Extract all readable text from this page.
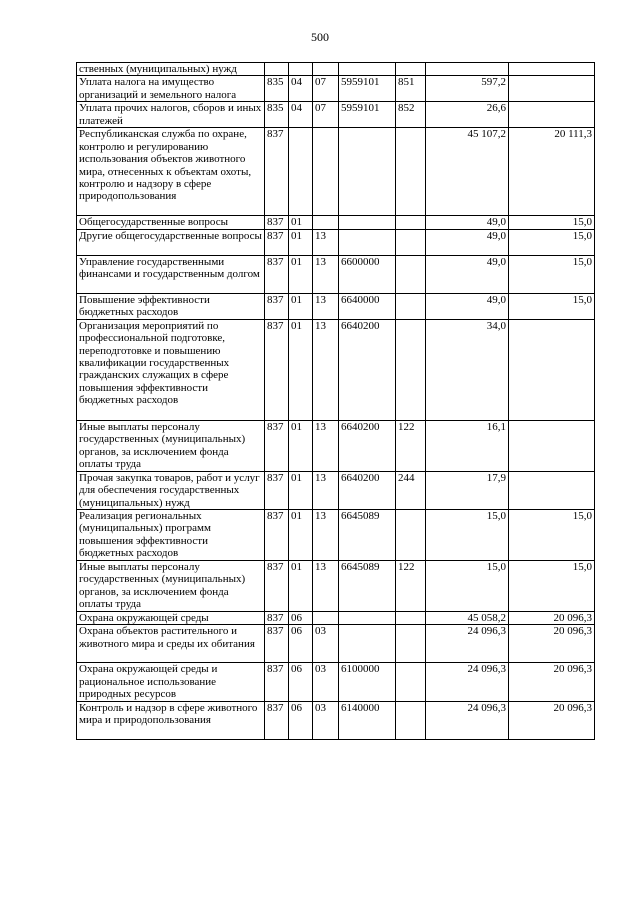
500
ственных (муниципальных) нужд							
Уплата налога на имущество организаций и земельного налога	835	04	07	5959101	851	597,2	
Уплата прочих налогов, сборов и иных платежей	835	04	07	5959101	852	26,6	
Республиканская служба по охране, контролю и регулированию использования объектов животного мира, отнесенных к объектам охоты, контролю и надзору в сфере природопользования	837					45 107,2	20 111,3
Общегосударственные вопросы	837	01				49,0	15,0
Другие общегосударственные вопросы	837	01	13			49,0	15,0
Управление государственными финансами и государственным долгом	837	01	13	6600000		49,0	15,0
Повышение эффективности бюджетных расходов	837	01	13	6640000		49,0	15,0
Организация мероприятий по профессиональной подготовке, переподготовке и повышению квалификации государственных гражданских служащих в сфере повышения эффективности бюджетных расходов	837	01	13	6640200		34,0	
Иные выплаты персоналу государственных (муниципальных) органов, за исключением фонда оплаты труда	837	01	13	6640200	122	16,1	
Прочая закупка товаров, работ и услуг для обеспечения государственных (муниципальных) нужд	837	01	13	6640200	244	17,9	
Реализация региональных (муниципальных) программ повышения эффективности бюджетных расходов	837	01	13	6645089		15,0	15,0
Иные выплаты персоналу государственных (муниципальных) органов, за исключением фонда оплаты труда	837	01	13	6645089	122	15,0	15,0
Охрана окружающей среды	837	06				45 058,2	20 096,3
Охрана объектов растительного и животного мира и среды их обитания	837	06	03			24 096,3	20 096,3
Охрана окружающей среды и рациональное использование природных ресурсов	837	06	03	6100000		24 096,3	20 096,3
Контроль и надзор в сфере животного мира и природопользования	837	06	03	6140000		24 096,3	20 096,3
